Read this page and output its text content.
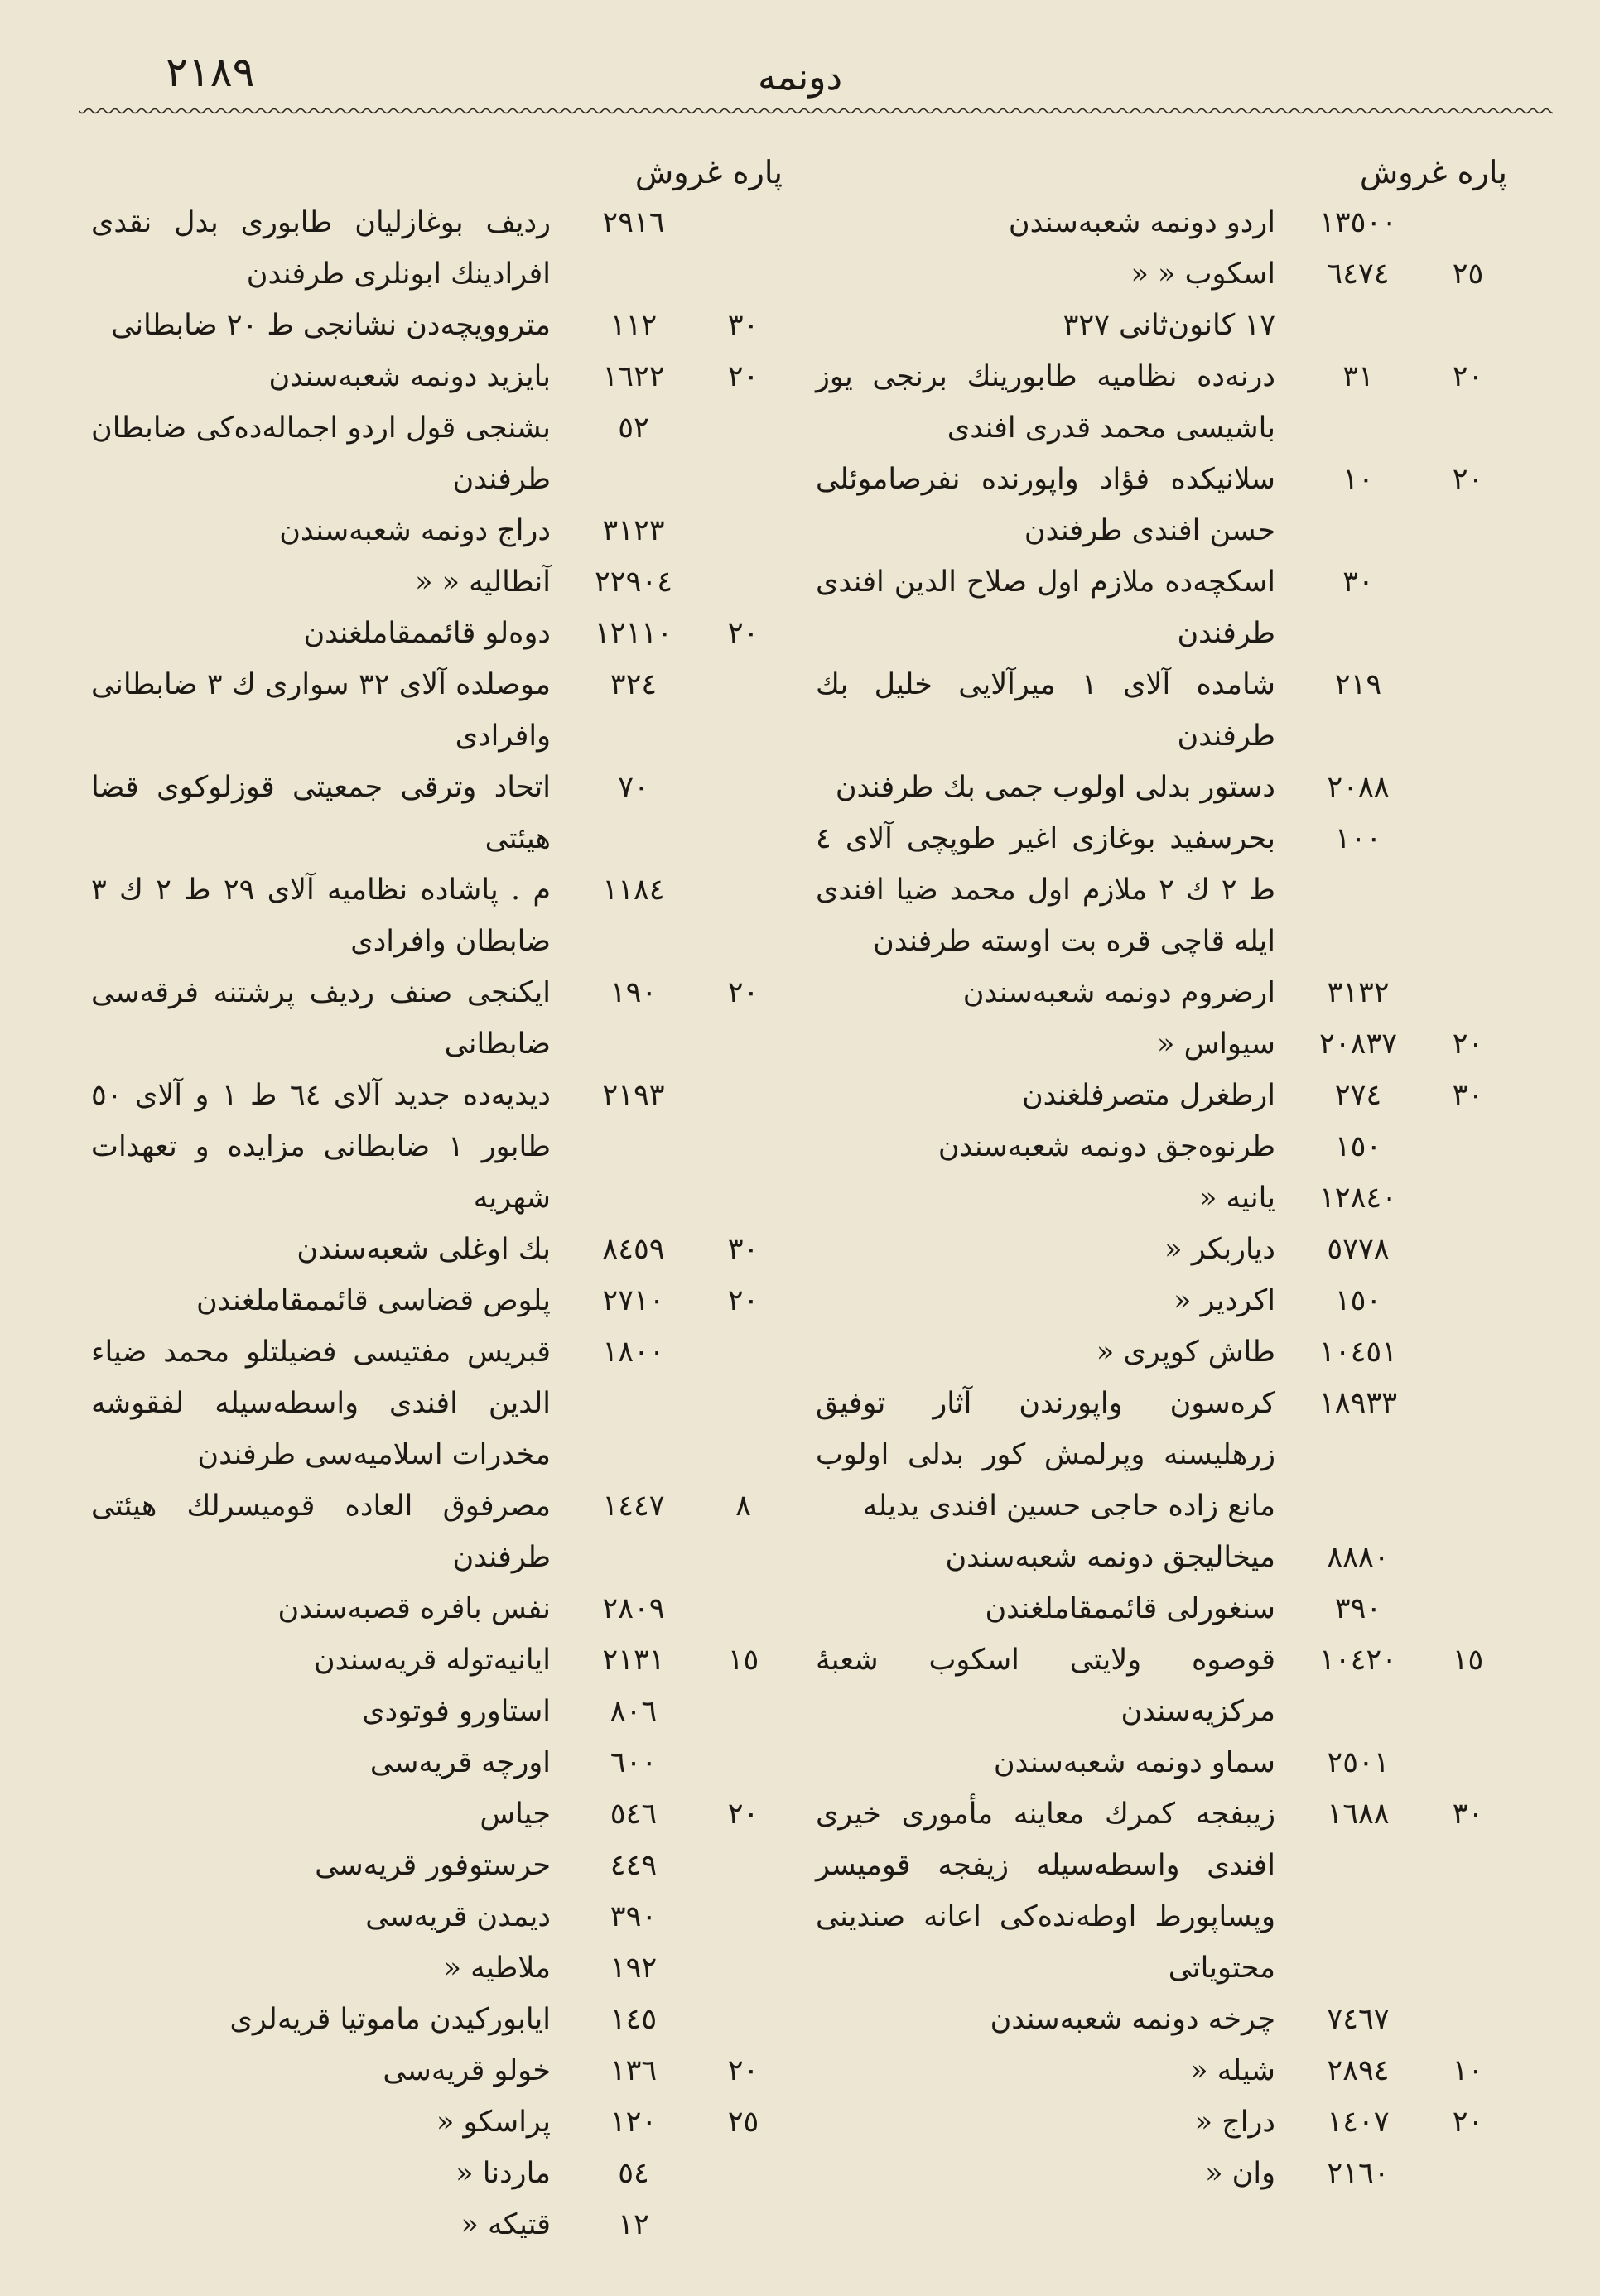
٢١٨٩	دونمه
پاره غروش
١٣٥٠٠
اردو دونمه شعبه‌سندن
٢٥
٦٤٧٤
اسکوب « «
١٧ كانون‌ثانى ٣٢٧
٢٠
٣١
درنه‌ده نظاميه طابورينك برنجى يوز باشيسى محمد قدرى افندى
٢٠
١٠
سلانيكده فؤاد واپورنده نفرصاموئلى حسن افندى طرفندن
٣٠
اسكچه‌ده ملازم اول صلاح الدين افندى طرفندن
٢١٩
شامده آلاى ١ ميرآلايى خليل بك طرفندن
٢٠٨٨
دستور بدلى اولوب جمى بك طرفندن
١٠٠
بحرسفيد بوغازى اغير طوپچى آلاى ٤ ط ٢ ك ٢ ملازم اول محمد ضيا افندى ايله قاچى قره بت اوسته طرفندن
٣١٣٢
ارضروم دونمه شعبه‌سندن
٢٠
٢٠٨٣٧
سيواس «
٣٠
٢٧٤
ارطغرل متصرفلغندن
١٥٠
طرنوه‌جق دونمه شعبه‌سندن
١٢٨٤٠
يانيه «
٥٧٧٨
دياربكر «
١٥٠
اكردير «
١٠٤٥١
طاش كوپرى «
١٨٩٣٣
كره‌سون واپورندن آثار توفيق زرهليسنه وپرلمش كور بدلى اولوب مانع زاده حاجى حسين افندى يديله
٨٨٨٠
ميخاليجق دونمه شعبه‌سندن
٣٩٠
سنغورلى قائممقاملغندن
١٥
١٠٤٢٠
قوصوه ولايتى اسكوب شعبهٔ مركزيه‌سندن
٢٥٠١
سماو دونمه شعبه‌سندن
٣٠
١٦٨٨
زيبفجه كمرك معاينه مأمورى خيرى افندى واسطه‌سيله زيفجه قوميسر وپساپورط اوطه‌نده‌كى اعانه صندينى محتوياتى
٧٤٦٧
چرخه دونمه شعبه‌سندن
١٠
٢٨٩٤
شيله «
٢٠
١٤٠٧
دراج «
٢١٦٠
وان «
پاره غروش
٢٩١٦
رديف بوغازليان طابورى بدل نقدى افرادينك ابونلرى طرفندن
٣٠
١١٢
متروويچه‌دن نشانجى ط ٢٠ ضابطانى
٢٠
١٦٢٢
بايزيد دونمه شعبه‌سندن
٥٢
بشنجى قول اردو اجماله‌ده‌كى ضابطان طرفندن
٣١٢٣
دراج دونمه شعبه‌سندن
٢٢٩٠٤
آنطاليه « «
٢٠
١٢١١٠
دوه‌لو قائممقاملغندن
٣٢٤
موصلده آلاى ٣٢ سوارى ك ٣ ضابطانى وافرادى
٧٠
اتحاد وترقى جمعيتى قوزلوكوى قضا هيئتى
١١٨٤
م . پاشاده نظاميه آلاى ٢٩ ط ٢ ك ٣ ضابطان وافرادى
٢٠
١٩٠
ايكنجى صنف رديف پرشتنه فرقه‌سى ضابطانى
٢١٩٣
ديديه‌ده جديد آلاى ٦٤ ط ١ و آلاى ٥٠ طابور ١ ضابطانى مزايده و تعهدات شهريه
٣٠
٨٤٥٩
بك اوغلى شعبه‌سندن
٢٠
٢٧١٠
پلوص قضاسى قائممقاملغندن
١٨٠٠
قبريس مفتيسى فضيلتلو محمد ضياء الدين افندى واسطه‌سيله لفقوشه مخدرات اسلاميه‌سى طرفندن
٨
١٤٤٧
مصرفوق العاده قوميسرلك هيئتى طرفندن
٢٨٠٩
نفس بافره قصبه‌سندن
١٥
٢١٣١
ايانيه‌توله قريه‌سندن
٨٠٦
استاورو فوتودى
٦٠٠
اورچه قريه‌سى
٢٠
٥٤٦
جياس
٤٤٩
حرستوفور قريه‌سى
٣٩٠
ديمدن قريه‌سى
١٩٢
ملاطيه «
١٤٥
ايابوركيدن ماموتيا قريه‌لرى
٢٠
١٣٦
خولو قريه‌سى
٢٥
١٢٠
پراسكو «
٥٤
ماردنا «
١٢
قتيكه «
